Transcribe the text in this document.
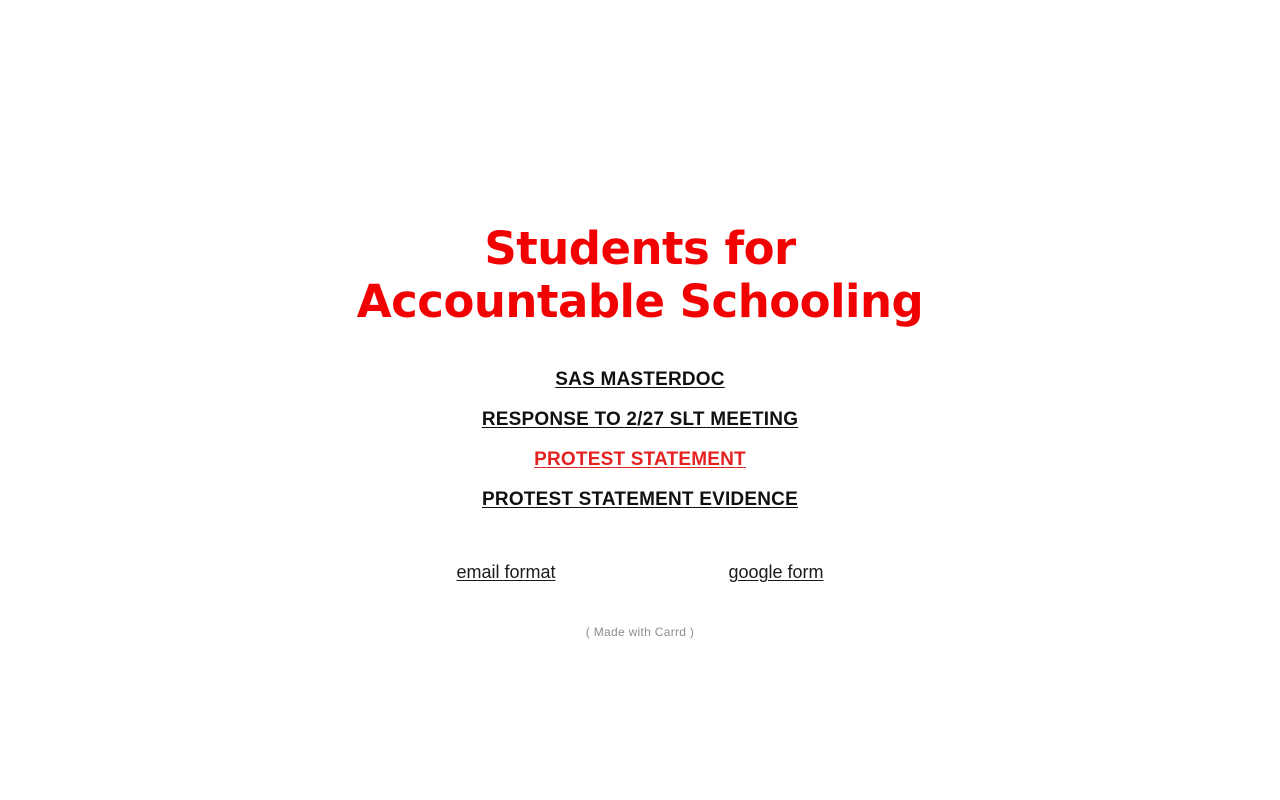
Students for
Accountable Schooling
SAS MASTERDOC
RESPONSE TO 2/27 SLT MEETING
PROTEST STATEMENT
PROTEST STATEMENT EVIDENCE
email format	google form
( Made with Carrd )
